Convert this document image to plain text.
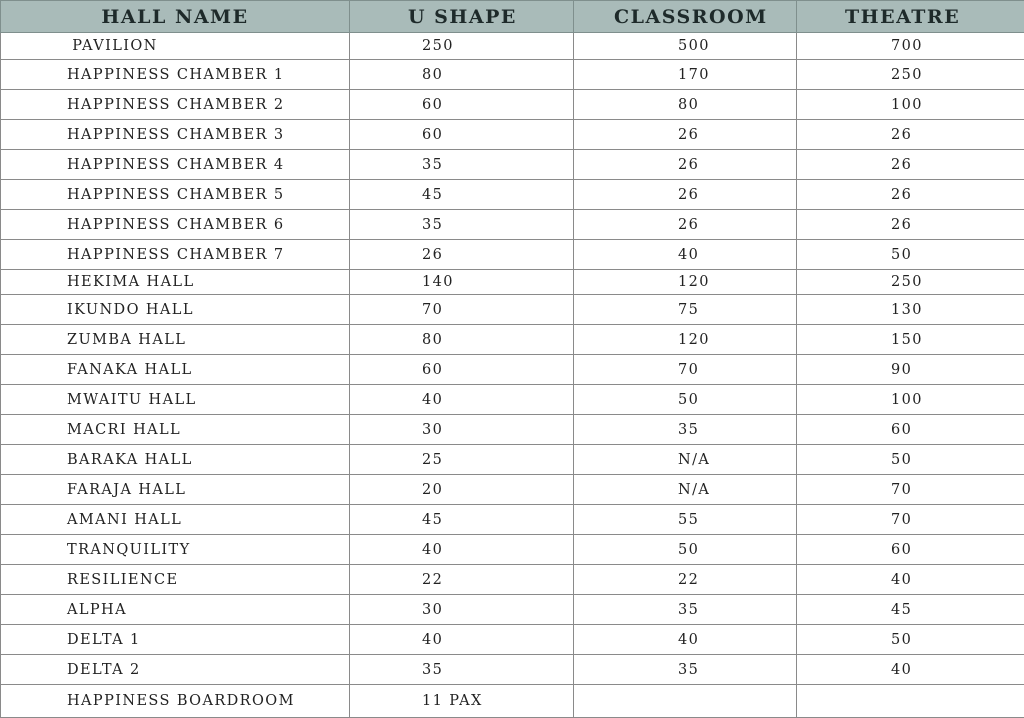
HALL NAME	U SHAPE	CLASSROOM	THEATRE
PAVILION	250	500	700
HAPPINESS CHAMBER 1	80	170	250
HAPPINESS CHAMBER 2	60	80	100
HAPPINESS CHAMBER 3	60	26	26
HAPPINESS CHAMBER 4	35	26	26
HAPPINESS CHAMBER 5	45	26	26
HAPPINESS CHAMBER 6	35	26	26
HAPPINESS CHAMBER 7	26	40	50
HEKIMA HALL	140	120	250
IKUNDO HALL	70	75	130
ZUMBA HALL	80	120	150
FANAKA HALL	60	70	90
MWAITU HALL	40	50	100
MACRI HALL	30	35	60
BARAKA HALL	25	N/A	50
FARAJA HALL	20	N/A	70
AMANI HALL	45	55	70
TRANQUILITY	40	50	60
RESILIENCE	22	22	40
ALPHA	30	35	45
DELTA 1	40	40	50
DELTA 2	35	35	40
HAPPINESS BOARDROOM	11 PAX		
